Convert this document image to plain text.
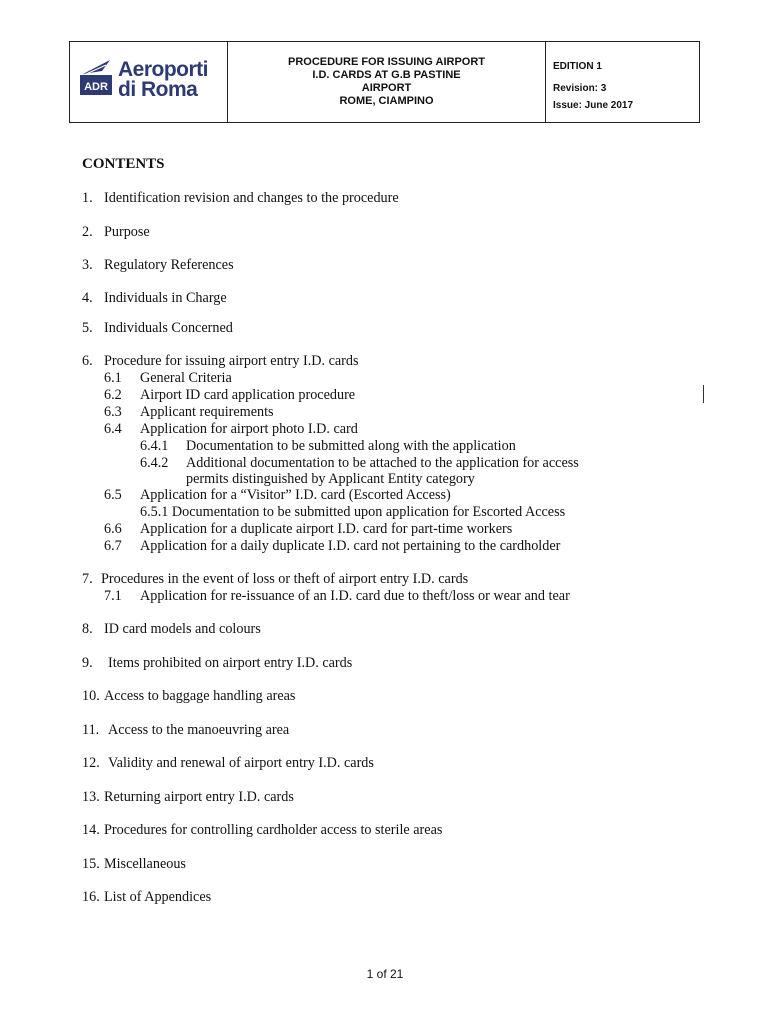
ADR
Aeroporti
di Roma
PROCEDURE FOR ISSUING AIRPORT
I.D. CARDS AT G.B PASTINE
AIRPORT
ROME, CIAMPINO
EDITION 1
Revision: 3
Issue: June 2017
CONTENTS
1. Identification revision and changes to the procedure
2. Purpose
3. Regulatory References
4. Individuals in Charge
5. Individuals Concerned
6. Procedure for issuing airport entry I.D. cards
6.1 General Criteria
6.2 Airport ID card application procedure
6.3 Applicant requirements
6.4 Application for airport photo I.D. card
6.4.1 Documentation to be submitted along with the application
6.4.2 Additional documentation to be attached to the application for access
permits distinguished by Applicant Entity category
6.5 Application for a “Visitor” I.D. card (Escorted Access)
6.5.1 Documentation to be submitted upon application for Escorted Access
6.6 Application for a duplicate airport I.D. card for part-time workers
6.7 Application for a daily duplicate I.D. card not pertaining to the cardholder
7. Procedures in the event of loss or theft of airport entry I.D. cards
7.1 Application for re-issuance of an I.D. card due to theft/loss or wear and tear
8. ID card models and colours
9. Items prohibited on airport entry I.D. cards
10. Access to baggage handling areas
11. Access to the manoeuvring area
12. Validity and renewal of airport entry I.D. cards
13. Returning airport entry I.D. cards
14. Procedures for controlling cardholder access to sterile areas
15. Miscellaneous
16. List of Appendices
1 of 21
